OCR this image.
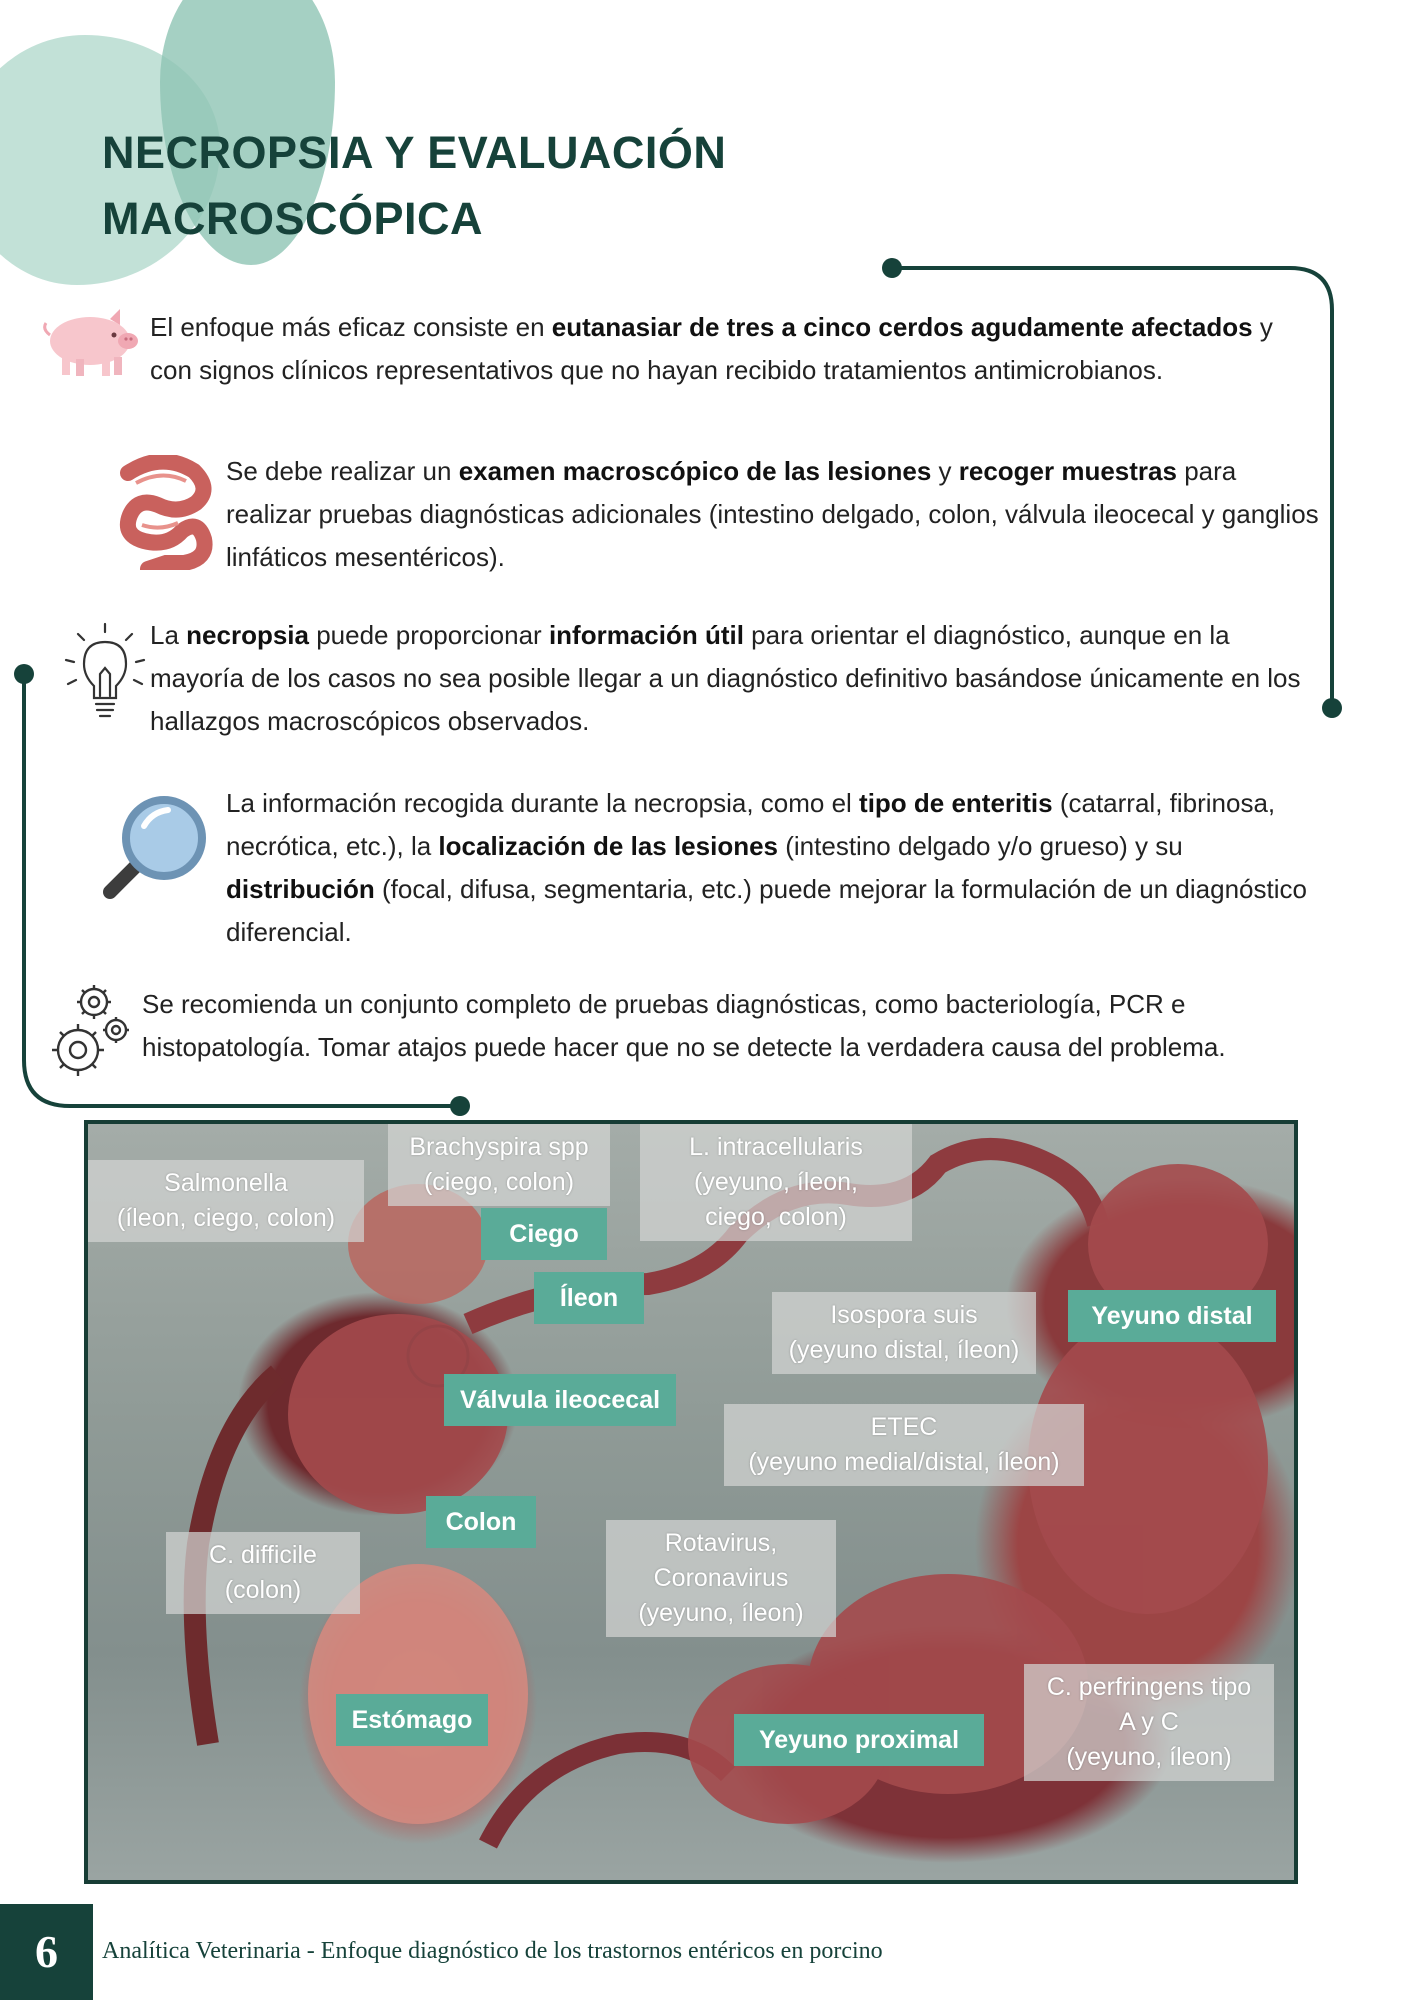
NECROPSIA Y EVALUACIÓN
MACROSCÓPICA
El enfoque más eficaz consiste en eutanasiar de tres a cinco cerdos agudamente afectados y con signos clínicos representativos que no hayan recibido tratamientos antimicrobianos.
Se debe realizar un examen macroscópico de las lesiones y recoger muestras para realizar pruebas diagnósticas adicionales (intestino delgado, colon, válvula ileocecal y ganglios linfáticos mesentéricos).
La necropsia puede proporcionar información útil para orientar el diagnóstico, aunque en la mayoría de los casos no sea posible llegar a un diagnóstico definitivo basándose únicamente en los hallazgos macroscópicos observados.
La información recogida durante la necropsia, como el tipo de enteritis (catarral, fibrinosa, necrótica, etc.), la localización de las lesiones (intestino delgado y/o grueso) y su distribución (focal, difusa, segmentaria, etc.) puede mejorar la formulación de un diagnóstico diferencial.
Se recomienda un conjunto completo de pruebas diagnósticas, como bacteriología, PCR e histopatología. Tomar atajos puede hacer que no se detecte la verdadera causa del problema.
Salmonella
(íleon, ciego, colon)
Brachyspira spp
(ciego, colon)
L. intracellularis
(yeyuno, íleon,
ciego, colon)
Isospora suis
(yeyuno distal, íleon)
ETEC
(yeyuno medial/distal, íleon)
C. difficile
(colon)
Rotavirus,
Coronavirus
(yeyuno, íleon)
C. perfringens tipo
A y C
(yeyuno, íleon)
Ciego
Íleon
Válvula ileocecal
Colon
Estómago
Yeyuno proximal
Yeyuno distal
6	Analítica Veterinaria - Enfoque diagnóstico de los trastornos entéricos en porcino
